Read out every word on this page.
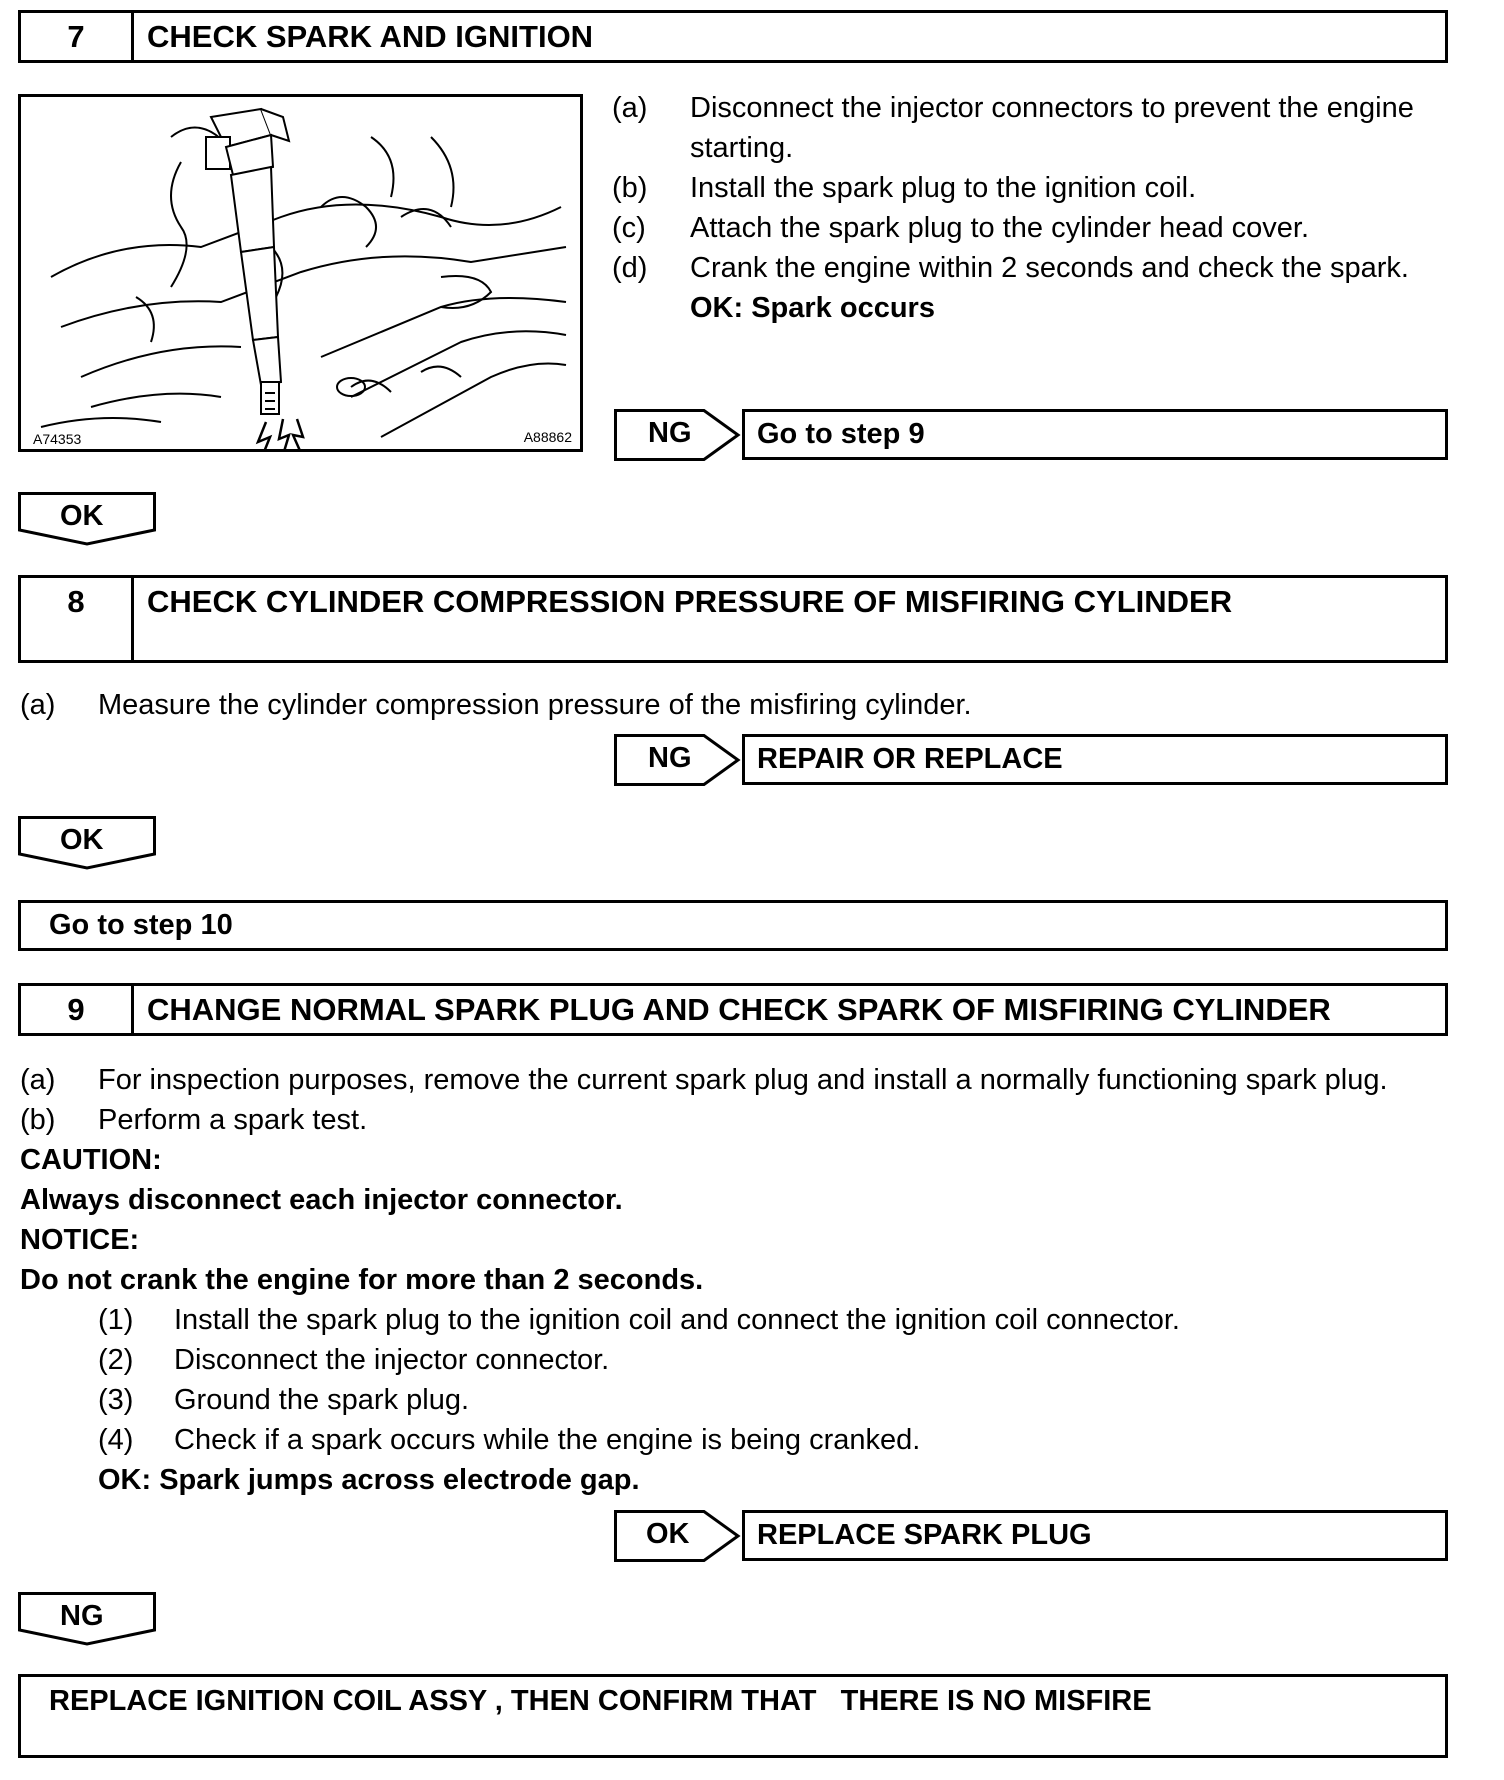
7	CHECK SPARK AND IGNITION
A74353	A88862
(a) Disconnect the injector connectors to prevent the engine
starting.
(b) Install the spark plug to the ignition coil.
(c) Attach the spark plug to the cylinder head cover.
(d) Crank the engine within 2 seconds and check the spark.
OK: Spark occurs
NG Go to step 9
OK
8	CHECK CYLINDER COMPRESSION PRESSURE OF MISFIRING CYLINDER
(a) Measure the cylinder compression pressure of the misfiring cylinder.
NG REPAIR OR REPLACE
OK
Go to step 10
9	CHANGE NORMAL SPARK PLUG AND CHECK SPARK OF MISFIRING CYLINDER
(a) For inspection purposes, remove the current spark plug and install a normally functioning spark plug.
(b) Perform a spark test.
CAUTION:
Always disconnect each injector connector.
NOTICE:
Do not crank the engine for more than 2 seconds.
(1) Install the spark plug to the ignition coil and connect the ignition coil connector.
(2) Disconnect the injector connector.
(3) Ground the spark plug.
(4) Check if a spark occurs while the engine is being cranked.
OK: Spark jumps across electrode gap.
OK REPLACE SPARK PLUG
NG
REPLACE IGNITION COIL ASSY , THEN CONFIRM THAT   THERE IS NO MISFIRE
